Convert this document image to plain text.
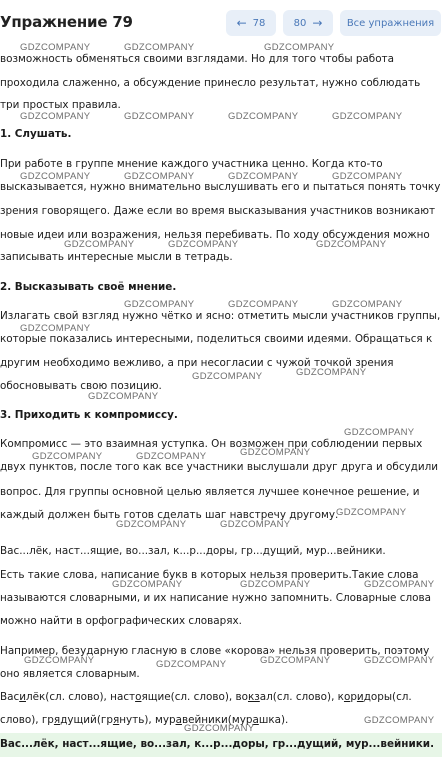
Упражнение 79	← 78	80 → Все упражнения
возможность обменяться своими взглядами. Но для того чтобы работа
проходила слаженно, а обсуждение принесло результат, нужно соблюдать
три простых правила.
1. Слушать.
При работе в группе мнение каждого участника ценно. Когда кто-то
высказывается, нужно внимательно выслушивать его и пытаться понять точку
зрения говорящего. Даже если во время высказывания участников возникают
новые идеи или возражения, нельзя перебивать. По ходу обсуждения можно
записывать интересные мысли в тетрадь.
2. Высказывать своё мнение.
Излагать свой взгляд нужно чётко и ясно: отметить мысли участников группы,
которые показались интересными, поделиться своими идеями. Обращаться к
другим необходимо вежливо, а при несогласии с чужой точкой зрения
обосновывать свою позицию.
3. Приходить к компромиссу.
Компромисс — это взаимная уступка. Он возможен при соблюдении первых
двух пунктов, после того как все участники выслушали друг друга и обсудили
вопрос. Для группы основной целью является лучшее конечное решение, и
каждый должен быть готов сделать шаг навстречу другому.
Вас...лёк, наст...ящие, во...зал, к...р...доры, гр...дущий, мур...вейники.
Есть такие слова, написание букв в которых нельзя проверить.Такие слова
называются словарными, и их написание нужно запомнить. Словарные слова
можно найти в орфографических словарях.
Например, безударную гласную в слове «корова» нельзя проверить, поэтому
оно является словарным.
Василёк(сл. слово), настоящие(сл. слово), вокзал(сл. слово), коридоры(сл.
слово), грядущий(грянуть), муравейники(мурашка).
Вас...лёк, наст...ящие, во...зал, к...р...доры, гр...дущий, мур...вейники.
GDZCOMPANY	GDZCOMPANY	GDZCOMPANY
GDZCOMPANY	GDZCOMPANY	GDZCOMPANY	GDZCOMPANY
GDZCOMPANY	GDZCOMPANY	GDZCOMPANY	GDZCOMPANY
GDZCOMPANY	GDZCOMPANY	GDZCOMPANY
GDZCOMPANY	GDZCOMPANY	GDZCOMPANY
GDZCOMPANY
GDZCOMPANY
GDZCOMPANY
GDZCOMPANY
GDZCOMPANY
GDZCOMPANY
GDZCOMPANY	GDZCOMPANY
GDZCOMPANY
GDZCOMPANY	GDZCOMPANY
GDZCOMPANY	GDZCOMPANY	GDZCOMPANY
GDZCOMPANY	GDZCOMPANY	GDZCOMPANY	GDZCOMPANY
GDZCOMPANY
GDZCOMPANY
